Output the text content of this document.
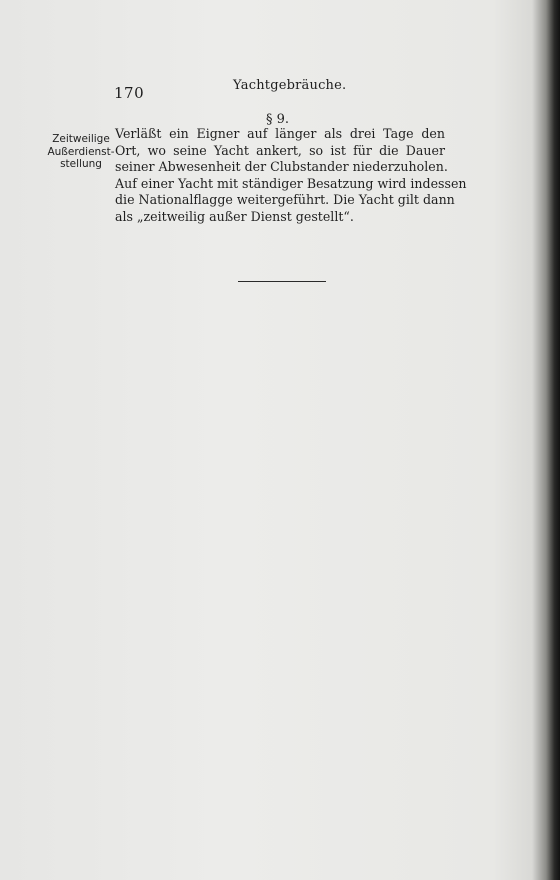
170	Yachtgebräuche.
§ 9.
Zeitweilige
Außerdienst-
stellung
Verläßt ein Eigner auf länger als drei Tage den
Ort, wo seine Yacht ankert, so ist für die Dauer
seiner Abwesenheit der Clubstander niederzuholen.
Auf einer Yacht mit ständiger Besatzung wird indessen
die Nationalflagge weitergeführt. Die Yacht gilt dann
als „zeitweilig außer Dienst gestellt“.
